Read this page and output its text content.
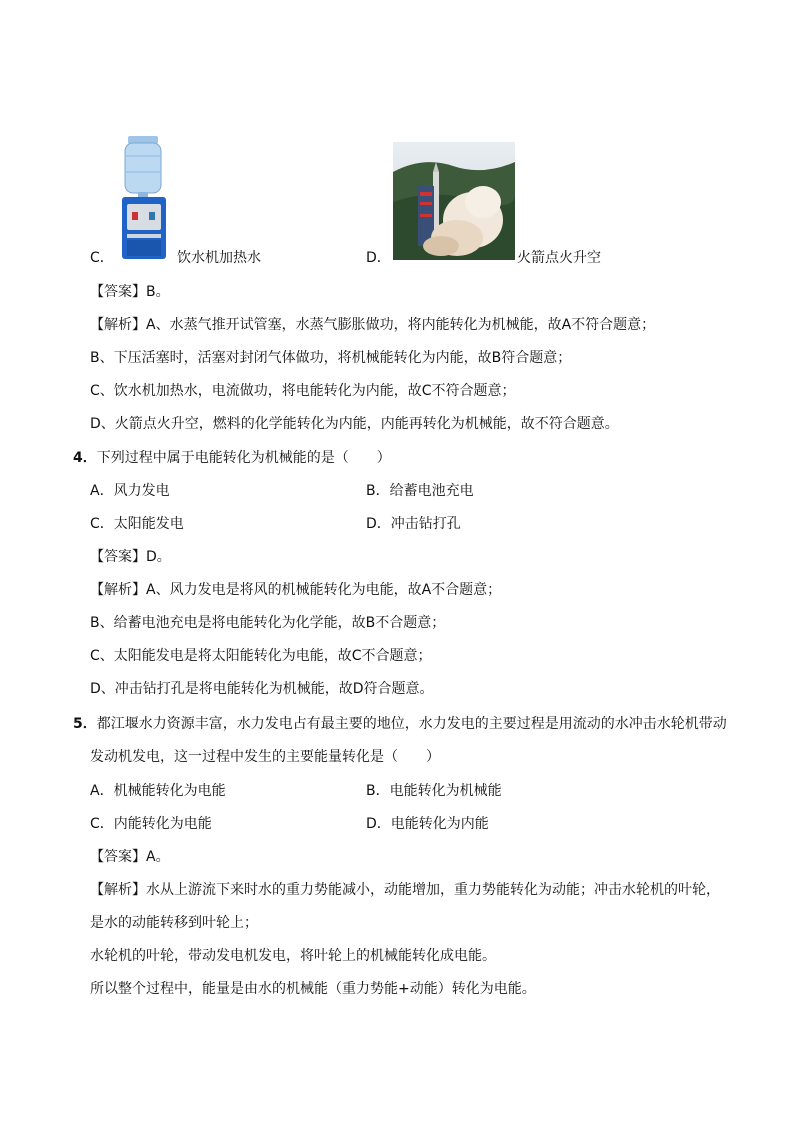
C．	饮水机加热水	D．	火箭点火升空
【答案】B。
【解析】A、水蒸气推开试管塞，水蒸气膨胀做功，将内能转化为机械能，故A不符合题意；
B、下压活塞时，活塞对封闭气体做功，将机械能转化为内能，故B符合题意；
C、饮水机加热水，电流做功，将电能转化为内能，故C不符合题意；
D、火箭点火升空，燃料的化学能转化为内能，内能再转化为机械能，故不符合题意。
4．下列过程中属于电能转化为机械能的是（　　）
A．风力发电	B．给蓄电池充电
C．太阳能发电	D．冲击钻打孔
【答案】D。
【解析】A、风力发电是将风的机械能转化为电能，故A不合题意；
B、给蓄电池充电是将电能转化为化学能，故B不合题意；
C、太阳能发电是将太阳能转化为电能，故C不合题意；
D、冲击钻打孔是将电能转化为机械能，故D符合题意。
5．都江堰水力资源丰富，水力发电占有最主要的地位，水力发电的主要过程是用流动的水冲击水轮机带动
发动机发电，这一过程中发生的主要能量转化是（　　）
A．机械能转化为电能	B．电能转化为机械能
C．内能转化为电能	D．电能转化为内能
【答案】A。
【解析】水从上游流下来时水的重力势能减小，动能增加，重力势能转化为动能；冲击水轮机的叶轮，
是水的动能转移到叶轮上；
水轮机的叶轮，带动发电机发电，将叶轮上的机械能转化成电能。
所以整个过程中，能量是由水的机械能（重力势能+动能）转化为电能。
